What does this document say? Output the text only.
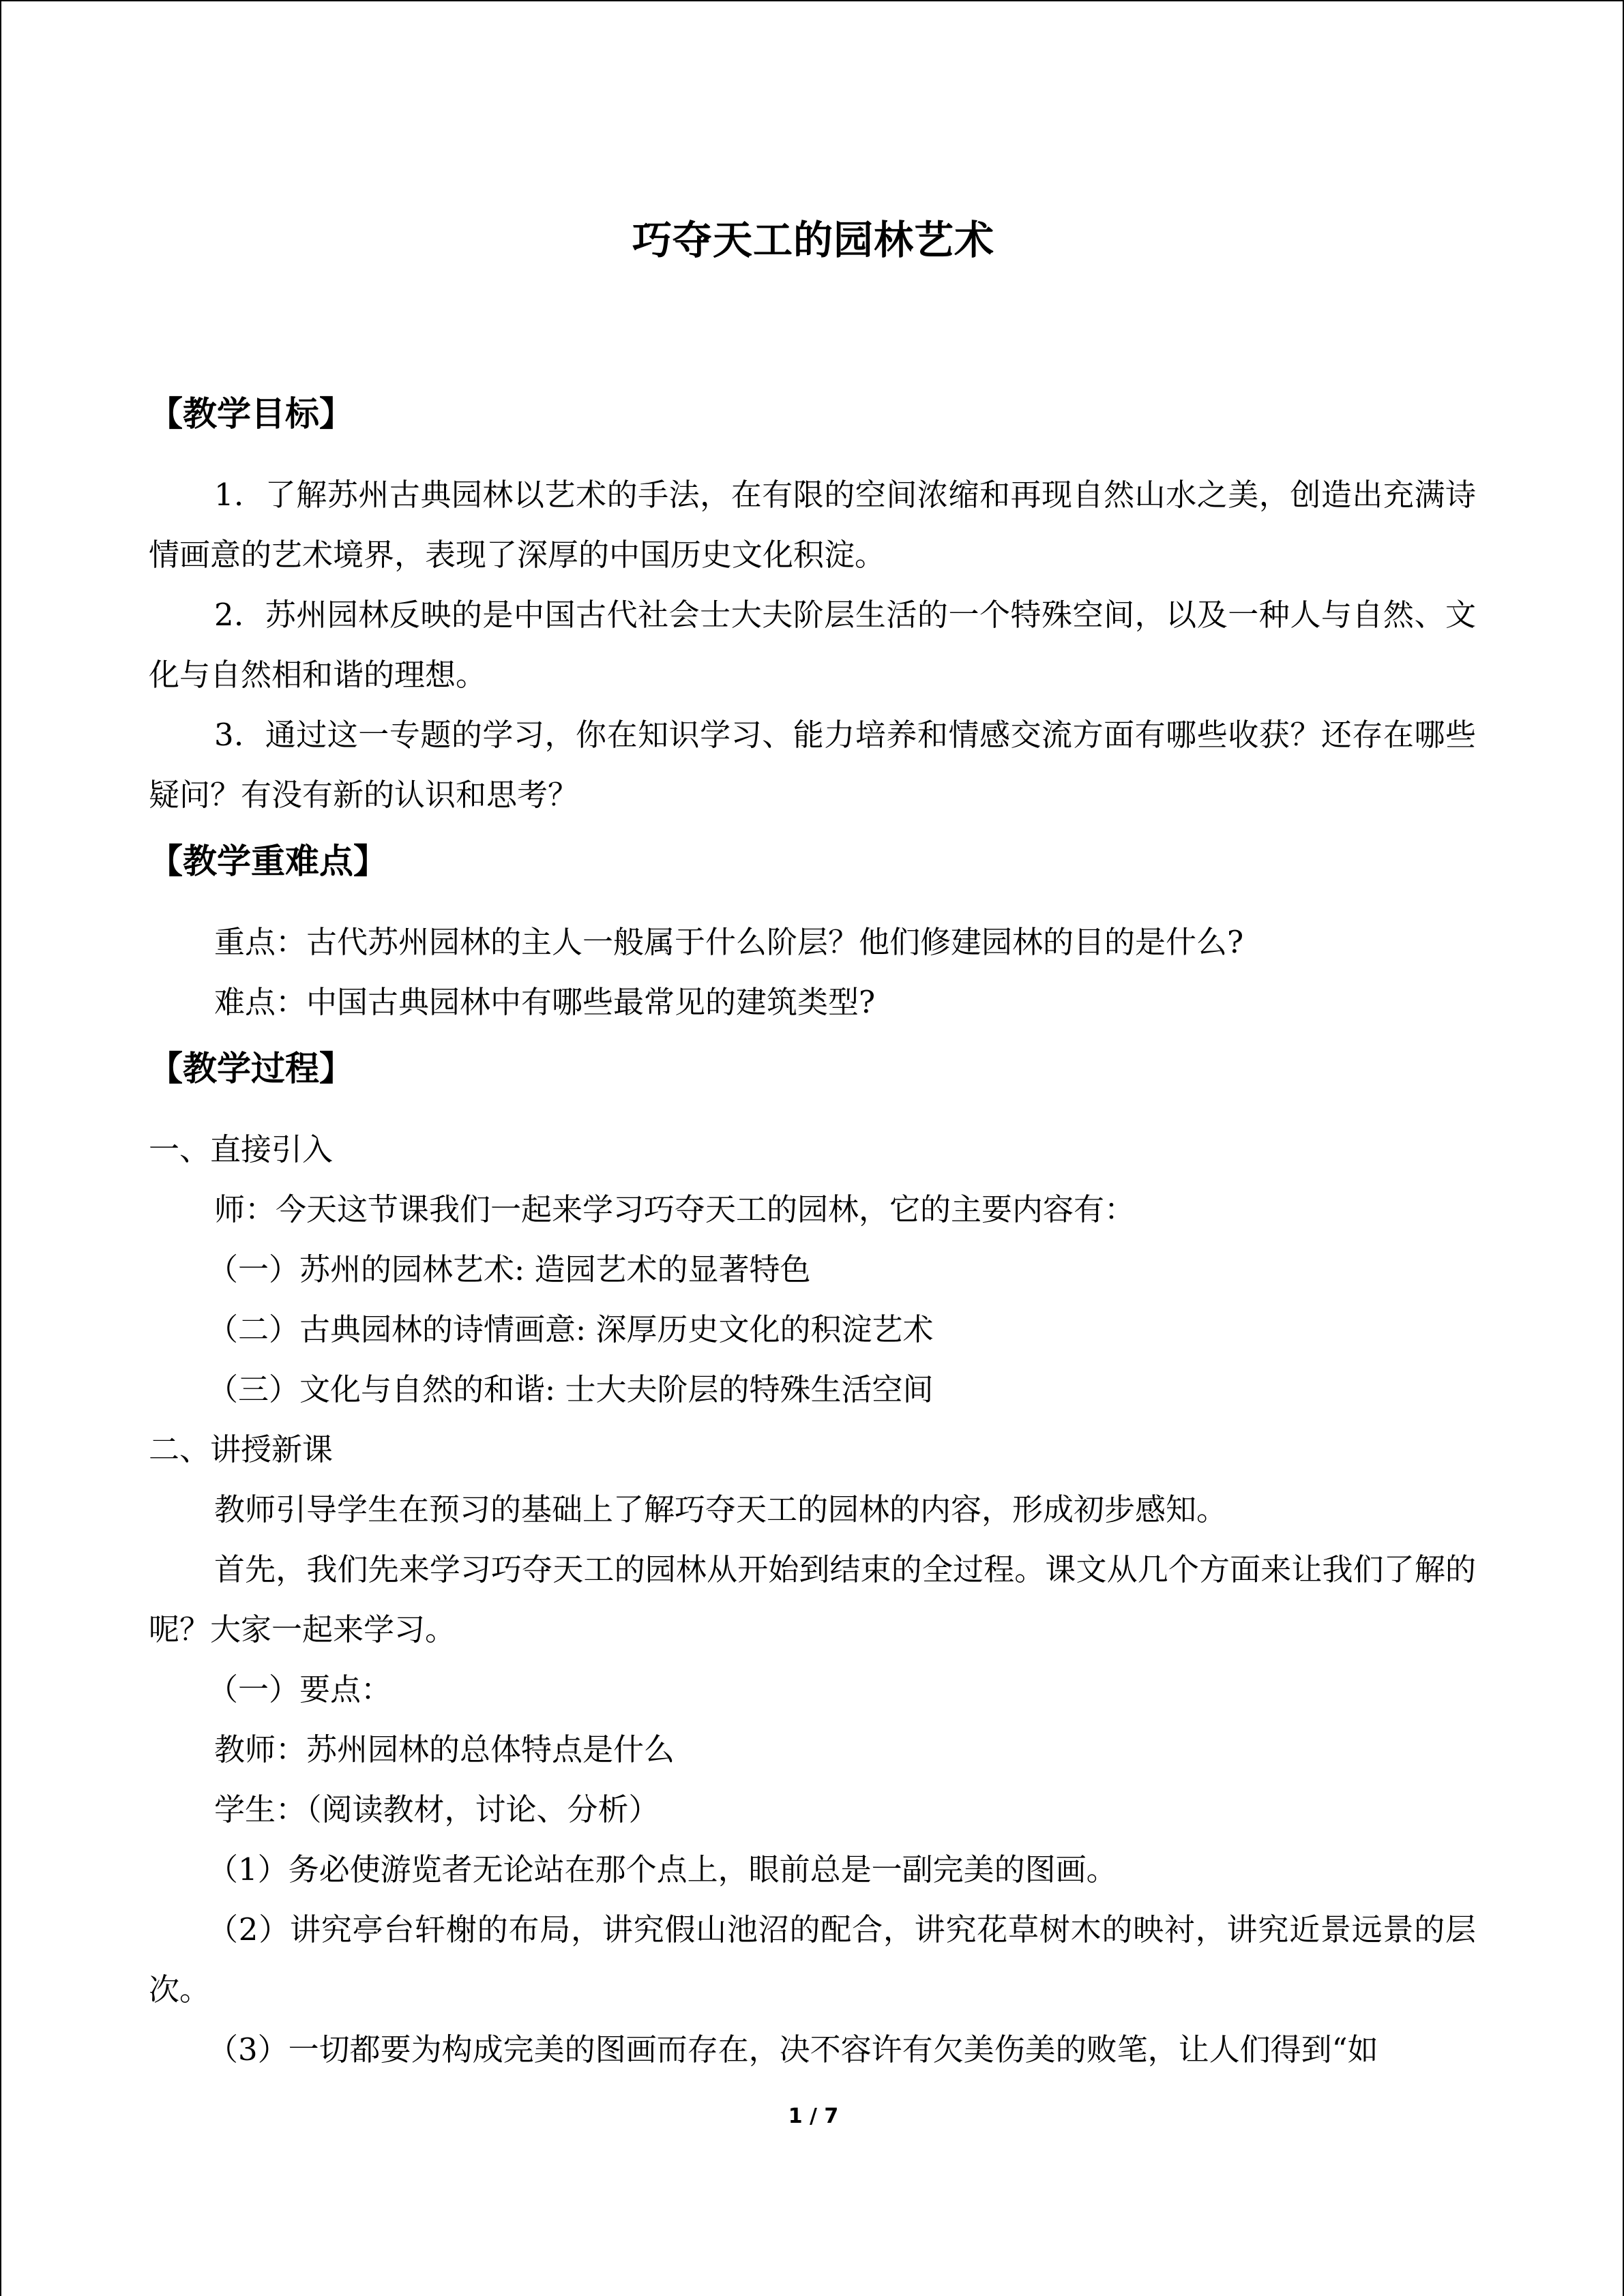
巧夺天工的园林艺术
【教学目标】

1．了解苏州古典园林以艺术的手法，在有限的空间浓缩和再现自然山水之美，创造出充满诗情画意的艺术境界，表现了深厚的中国历史文化积淀。

2．苏州园林反映的是中国古代社会士大夫阶层生活的一个特殊空间，以及一种人与自然、文化与自然相和谐的理想。

3．通过这一专题的学习，你在知识学习、能力培养和情感交流方面有哪些收获？还存在哪些疑问？有没有新的认识和思考？

【教学重难点】
重点：古代苏州园林的主人一般属于什么阶层？他们修建园林的目的是什么?
难点：中国古典园林中有哪些最常见的建筑类型?
【教学过程】
一、直接引入
师：今天这节课我们一起来学习巧夺天工的园林，它的主要内容有：
（一）苏州的园林艺术: 造园艺术的显著特色
（二）古典园林的诗情画意: 深厚历史文化的积淀艺术
（三）文化与自然的和谐: 士大夫阶层的特殊生活空间
二、讲授新课
教师引导学生在预习的基础上了解巧夺天工的园林的内容，形成初步感知。

首先，我们先来学习巧夺天工的园林从开始到结束的全过程。课文从几个方面来让我们了解的呢？大家一起来学习。

（一）要点：
教师：苏州园林的总体特点是什么
学生：（阅读教材，讨论、分析）
（1）务必使游览者无论站在那个点上，眼前总是一副完美的图画。

（2）讲究亭台轩榭的布局，讲究假山池沼的配合，讲究花草树木的映衬，讲究近景远景的层次。

（3）一切都要为构成完美的图画而存在，决不容许有欠美伤美的败笔，让人们得到“如
1 / 7
